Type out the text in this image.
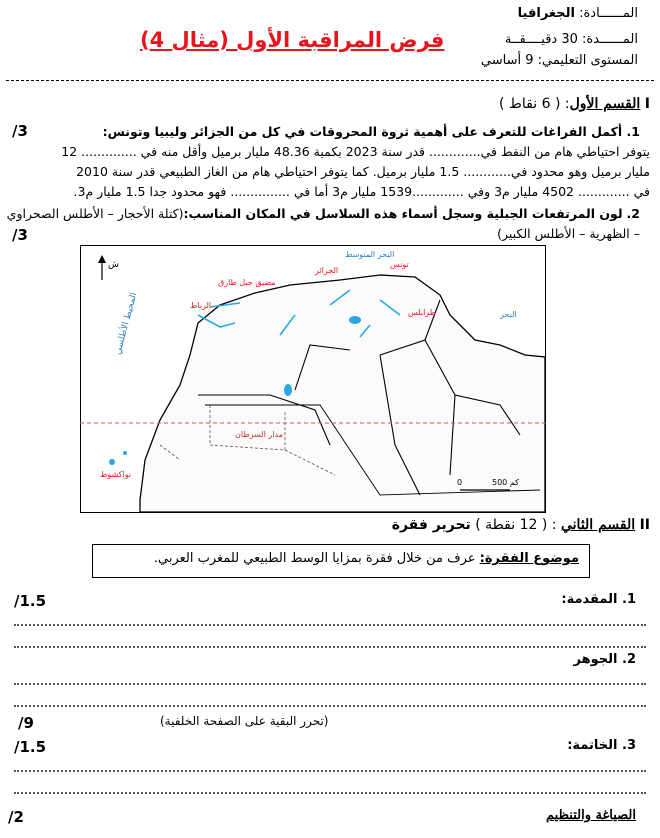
المــــــادة: الجغرافيا
المــــــدة: 30 دقيــــقــة
المستوى التعليمي: 9 أساسي
فرض المراقبة الأول (مثال 4)
I القسم الأول: ( 6 نقاط )
1. أكمل الفراغات للتعرف على أهمية ثروة المحروقات في كل من الجزائر وليبيا وتونس:
/3
يتوفر احتياطي هام من النفط في............. قدر سنة 2023 بكمية 48.36 مليار برميل وأقل منه في .............. 12
مليار برميل وهو محدود في............ 1.5 مليار برميل. كما يتوفر احتياطي هام من الغاز الطبيعي قدر سنة 2010
في ............. 4502 مليار م3 وفي .............1539 مليار م3 أما في ............... فهو محدود جدا 1.5 مليار م3.
2. لون المرتفعات الجبلية وسجل أسماء هذه السلاسل في المكان المناسب:(كتلة الأحجار – الأطلس الصحراوي
– الظهرية – الأطلس الكبير)
/3
مدار السرطان
المحيط الأطلسي
البحر المتوسط
البحر
الجزائر
تونس
مضيق جبل طارق
الرباط
طرابلس
نواكشوط
ش
0	500 كم
II القسم الثاني : ( 12 نقطة ) تحرير فقرة
موضوع الفقرة: عرف من خلال فقرة بمزايا الوسط الطبيعي للمغرب العربي.
1. المقدمة:
/1.5
2. الجوهر
(تحرر البقية على الصفحة الخلفية)
/9
3. الخاتمة:
/1.5
الصياغة والتنظيم
/2
